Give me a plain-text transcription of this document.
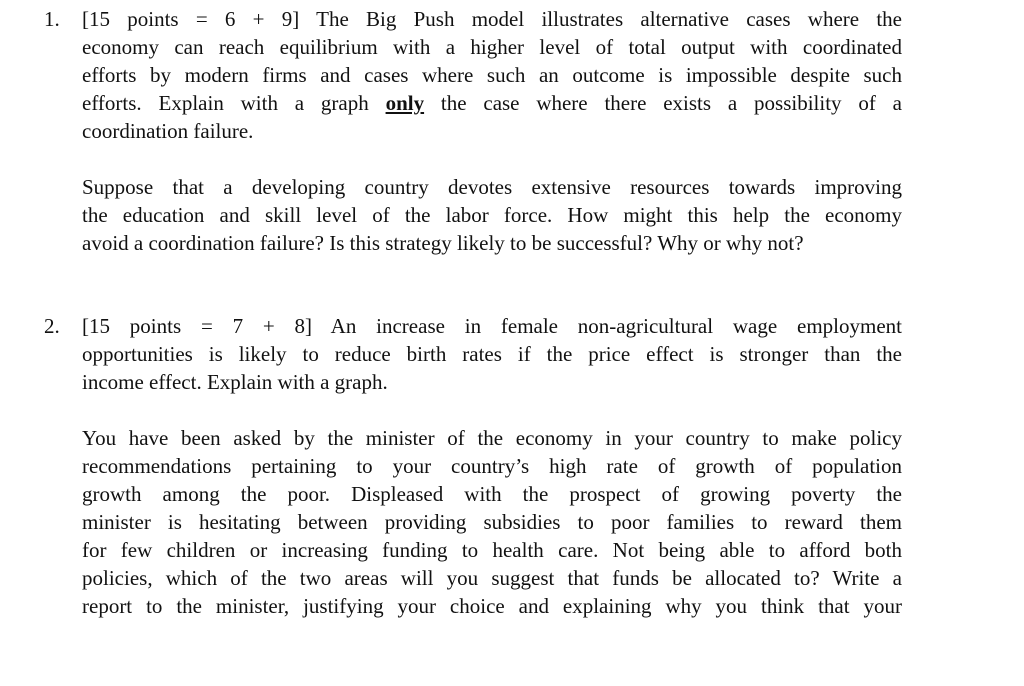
1. [15 points = 6 + 9] The Big Push model illustrates alternative cases where the
economy can reach equilibrium with a higher level of total output with coordinated
efforts by modern firms and cases where such an outcome is impossible despite such
efforts. Explain with a graph only the case where there exists a possibility of a
coordination failure.

Suppose that a developing country devotes extensive resources towards improving
the education and skill level of the labor force. How might this help the economy
avoid a coordination failure? Is this strategy likely to be successful? Why or why not?

2. [15 points = 7 + 8] An increase in female non-agricultural wage employment
opportunities is likely to reduce birth rates if the price effect is stronger than the
income effect. Explain with a graph.

You have been asked by the minister of the economy in your country to make policy
recommendations pertaining to your country’s high rate of growth of population
growth among the poor. Displeased with the prospect of growing poverty the
minister is hesitating between providing subsidies to poor families to reward them
for few children or increasing funding to health care. Not being able to afford both
policies, which of the two areas will you suggest that funds be allocated to? Write a
report to the minister, justifying your choice and explaining why you think that your
